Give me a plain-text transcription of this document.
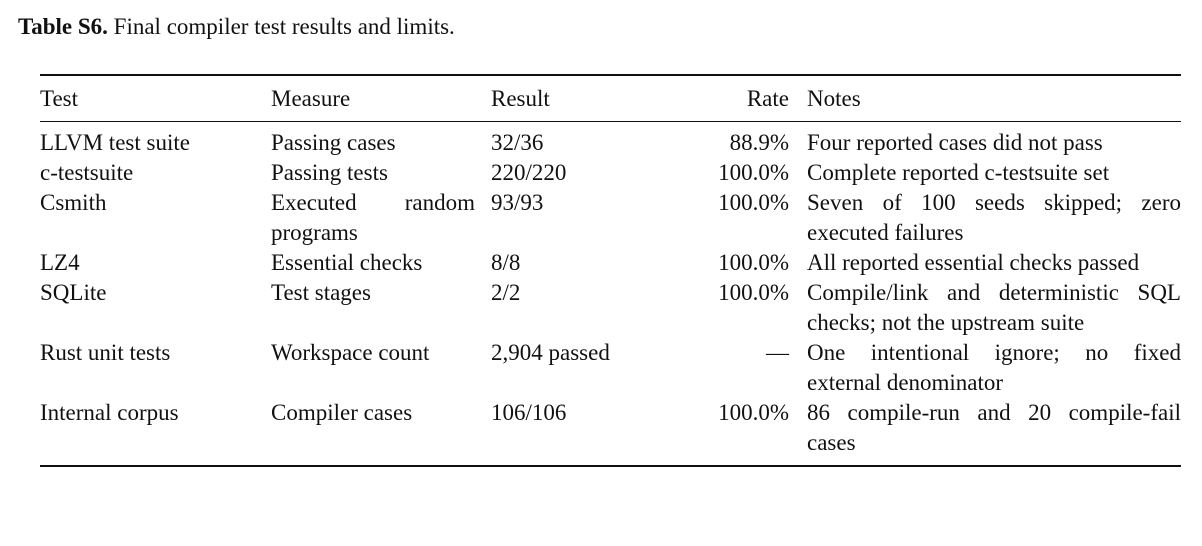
Table S6. Final compiler test results and limits.
Test	Measure	Result	Rate	Notes
LLVM test suite	Passing cases	32/36	88.9%	Four reported cases did not pass
c-testsuite	Passing tests	220/220	100.0%	Complete reported c-testsuite set
Csmith	Executed random programs	93/93	100.0%	Seven of 100 seeds skipped; zero executed failures
LZ4	Essential checks	8/8	100.0%	All reported essential checks passed
SQLite	Test stages	2/2	100.0%	Compile/link and deterministic SQL checks; not the upstream suite
Rust unit tests	Workspace count	2,904 passed	—	One intentional ignore; no fixed external denominator
Internal corpus	Compiler cases	106/106	100.0%	86 compile-run and 20 compile-fail cases
